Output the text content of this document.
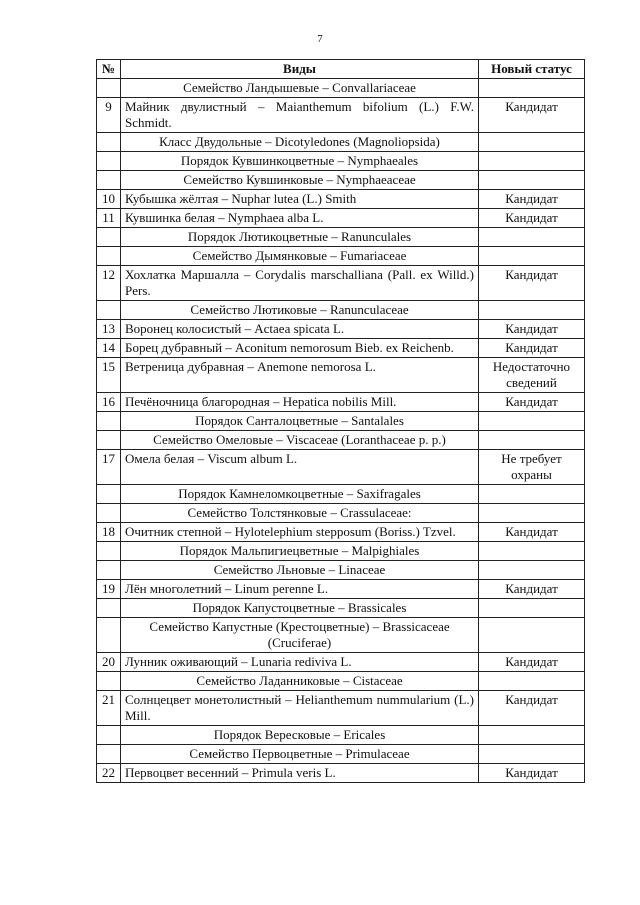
7
№	Виды	Новый статус
	Семейство Ландышевые – Convallariaceae	
9	Майник двулистный – Maianthemum bifolium (L.) F.W. Schmidt.	Кандидат
	Класс Двудольные – Dicotyledones (Magnoliopsida)	
	Порядок Кувшинкоцветные – Nymphaeales	
	Семейство Кувшинковые – Nymphaeaceae	
10	Кубышка жёлтая – Nuphar lutea (L.) Smith	Кандидат
11	Кувшинка белая – Nymphaea alba L.	Кандидат
	Порядок Лютикоцветные – Ranunculales	
	Семейство Дымянковые – Fumariaceae	
12	Хохлатка Маршалла – Corydalis marschalliana (Pall. ex Willd.) Pers.	Кандидат
	Семейство Лютиковые – Ranunculaceae	
13	Воронец колосистый – Actaea spicata L.	Кандидат
14	Борец дубравный – Aconitum nemorosum Bieb. ex Reichenb.	Кандидат
15	Ветреница дубравная – Anemone nemorosa L.	Недостаточно сведений
16	Печёночница благородная – Hepatica nobilis Mill.	Кандидат
	Порядок Санталоцветные – Santalales	
	Семейство Омеловые – Viscaceae (Loranthaceae p. p.)	
17	Омела белая – Viscum album L.	Не требует охраны
	Порядок Камнеломкоцветные – Saxifragales	
	Семейство Толстянковые – Crassulaceae:	
18	Очитник степной – Hylotelephium stepposum (Boriss.) Tzvel.	Кандидат
	Порядок Мальпигиецветные – Malpighiales	
	Семейство Льновые – Linaceae	
19	Лён многолетний – Linum perenne L.	Кандидат
	Порядок Капустоцветные – Brassicales	
	Семейство Капустные (Крестоцветные) – Brassicaceae (Cruciferae)	
20	Лунник оживающий – Lunaria rediviva L.	Кандидат
	Семейство Ладанниковые – Cistaceae	
21	Солнцецвет монетолистный – Helianthemum nummularium (L.) Mill.	Кандидат
	Порядок Вересковые – Ericales	
	Семейство Первоцветные – Primulaceae	
22	Первоцвет весенний – Primula veris L.	Кандидат
